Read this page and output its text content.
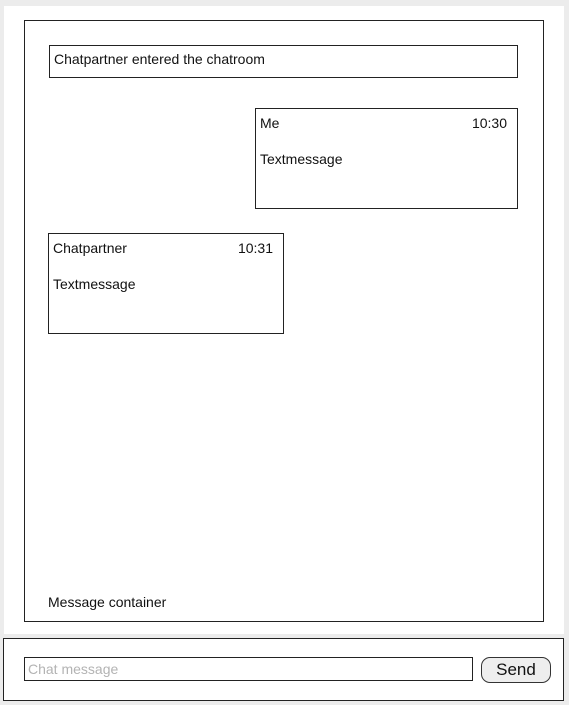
Chatpartner entered the chatroom
Me	10:30
Textmessage
Chatpartner	10:31
Textmessage
Message container
Chat message
Send
